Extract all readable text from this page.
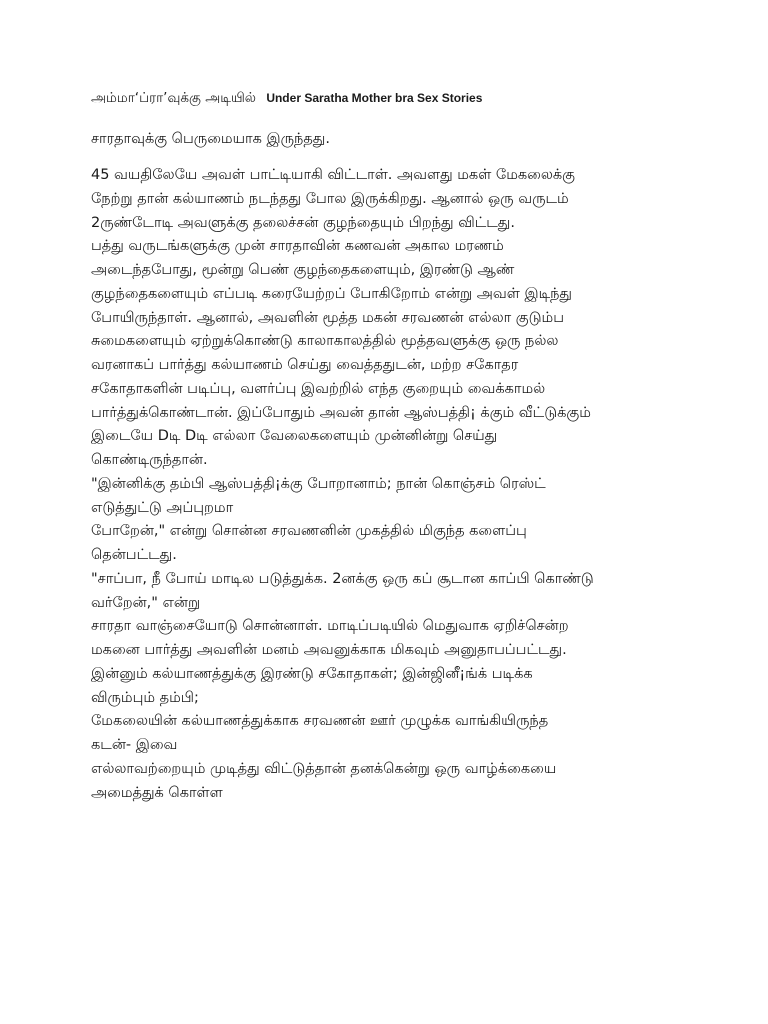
அம்மா‘ப்ரா’வுக்கு அடியில் Under Saratha Mother bra Sex Stories
சாரதாவுக்கு பெருமையாக இருந்தது.
45 வயதிலேயே அவள் பாட்டியாகி விட்டாள். அவளது மகள் மேகலைக்கு
நேற்று தான் கல்யாணம் நடந்தது போல இருக்கிறது. ஆனால் ஒரு வருடம்
2ருண்டோடி அவளுக்கு தலைச்சன் குழந்தையும் பிறந்து விட்டது.
பத்து வருடங்களுக்கு முன் சாரதாவின் கணவன் அகால மரணம்
அடைந்தபோது, மூன்று பெண் குழந்தைகளையும், இரண்டு ஆண்
குழந்தைகளையும் எப்படி கரையேற்றப் போகிறோம் என்று அவள் இடிந்து
போயிருந்தாள். ஆனால், அவளின் மூத்த மகன் சரவணன் எல்லா குடும்ப
சுமைகளையும் ஏற்றுக்கொண்டு காலாகாலத்தில் மூத்தவளுக்கு ஒரு நல்ல
வரனாகப் பார்த்து கல்யாணம் செய்து வைத்ததுடன், மற்ற சகோதர
சகோதாகளின் படிப்பு, வளர்ப்பு இவற்றில் எந்த குறையும் வைக்காமல்
பார்த்துக்கொண்டான். இப்போதும் அவன் தான் ஆஸ்பத்தி¡ க்கும் வீட்டுக்கும்
இடையே Dடி Dடி எல்லா வேலைகளையும் முன்னின்று செய்து
கொண்டிருந்தான்.
"இன்னிக்கு தம்பி ஆஸ்பத்தி¡க்கு போறானாம்; நான் கொஞ்சம் ரெஸ்ட்
எடுத்துட்டு அப்புறமா
போறேன்," என்று சொன்ன சரவணனின் முகத்தில் மிகுந்த களைப்பு
தென்பட்டது.
"சாப்பா, நீ போய் மாடில படுத்துக்க. 2னக்கு ஒரு கப் சூடான காப்பி கொண்டு
வர்றேன்," என்று
சாரதா வாஞ்சையோடு சொன்னாள். மாடிப்படியில் மெதுவாக ஏறிச்சென்ற
மகனை பார்த்து அவளின் மனம் அவனுக்காக மிகவும் அனுதாபப்பட்டது.
இன்னும் கல்யாணத்துக்கு இரண்டு சகோதாகள்; இன்ஜினீ¡ங்க் படிக்க
விரும்பும் தம்பி;
மேகலையின் கல்யாணத்துக்காக சரவணன் ஊர் முழுக்க வாங்கியிருந்த
கடன்- இவை
எல்லாவற்றையும் முடித்து விட்டுத்தான் தனக்கென்று ஒரு வாழ்க்கையை
அமைத்துக் கொள்ள
